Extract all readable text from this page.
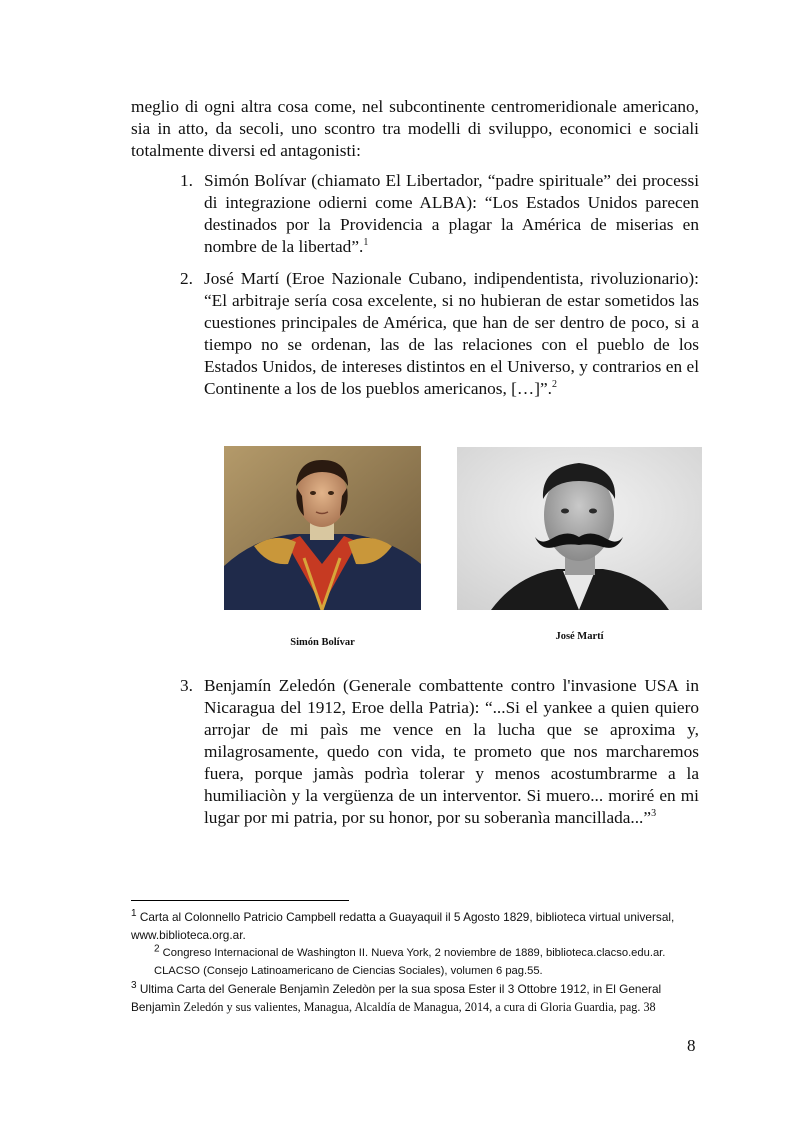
meglio di ogni altra cosa come, nel subcontinente centromeridionale americano, sia in atto, da secoli, uno scontro tra modelli di sviluppo, economici e sociali totalmente diversi ed antagonisti:
1. Simón Bolívar (chiamato El Libertador, “padre spirituale” dei processi di integrazione odierni come ALBA): “Los Estados Unidos parecen destinados por la Providencia a plagar la América de miserias en nombre de la libertad”.$^1$
2. José Martí (Eroe Nazionale Cubano, indipendentista, rivoluzionario): “El arbitraje sería cosa excelente, si no hubieran de estar sometidos las cuestiones principales de América, que han de ser dentro de poco, si a tiempo no se ordenan, las de las relaciones con el pueblo de los Estados Unidos, de intereses distintos en el Universo, y contrarios en el Continente a los de los pueblos americanos, […]”.$^2$
Simón Bolívar
José Martí
3. Benjamín Zeledón (Generale combattente contro l'invasione USA in Nicaragua del 1912, Eroe della Patria): “...Si el yankee a quien quiero arrojar de mi paìs me vence en la lucha que se aproxima y, milagrosamente, quedo con vida, te prometo que nos marcharemos fuera, porque jamàs podrìa tolerar y menos acostumbrarme a la humiliaciòn y la vergüenza de un interventor. Si muero... moriré en mi lugar por mi patria, por su honor, por su soberanìa mancillada...”$^3$
$^1$ Carta al Colonnello Patricio Campbell redatta a Guayaquil il 5 Agosto 1829, biblioteca virtual universal, www.biblioteca.org.ar.
$^2$ Congreso Internacional de Washington II. Nueva York, 2 noviembre de 1889, biblioteca.clacso.edu.ar. CLACSO (Consejo Latinoamericano de Ciencias Sociales), volumen 6 pag.55.
$^3$ Ultima Carta del Generale Benjamìn Zeledòn per la sua sposa Ester il 3 Ottobre 1912, in El General Benjamìn Zeledón y sus valientes, Managua, Alcaldía de Managua, 2014, a cura di Gloria Guardia, pag. 38
8
